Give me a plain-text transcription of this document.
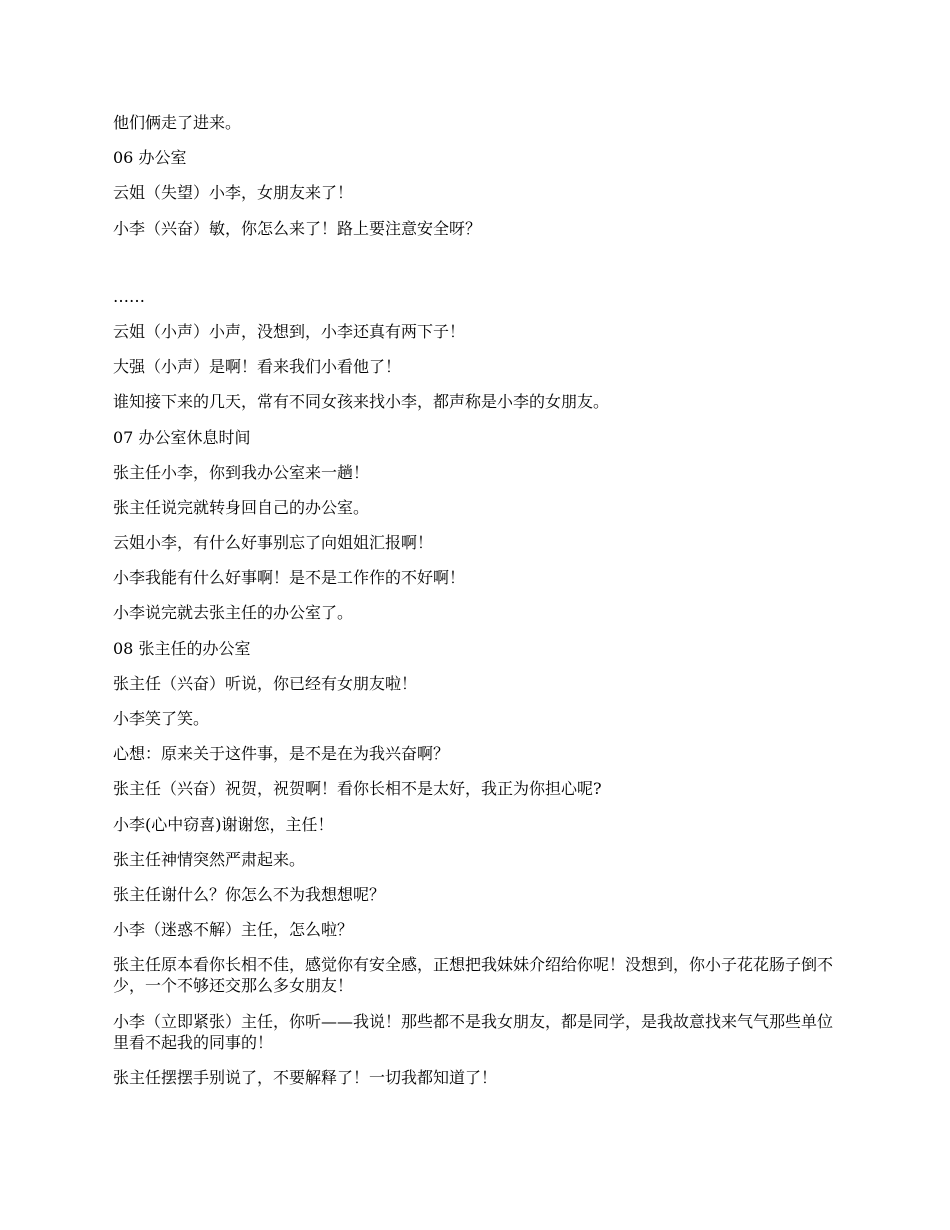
他们俩走了进来。

06 办公室

云姐（失望）小李，女朋友来了！

小李（兴奋）敏，你怎么来了！路上要注意安全呀？

……

云姐（小声）小声，没想到，小李还真有两下子！

大强（小声）是啊！看来我们小看他了！

谁知接下来的几天，常有不同女孩来找小李，都声称是小李的女朋友。

07 办公室休息时间

张主任小李，你到我办公室来一趟！

张主任说完就转身回自己的办公室。

云姐小李，有什么好事别忘了向姐姐汇报啊！

小李我能有什么好事啊！是不是工作作的不好啊！

小李说完就去张主任的办公室了。

08 张主任的办公室

张主任（兴奋）听说，你已经有女朋友啦！

小李笑了笑。

心想：原来关于这件事，是不是在为我兴奋啊？

张主任（兴奋）祝贺，祝贺啊！看你长相不是太好，我正为你担心呢?

小李(心中窃喜)谢谢您，主任！

张主任神情突然严肃起来。

张主任谢什么？你怎么不为我想想呢？

小李（迷惑不解）主任，怎么啦？

张主任原本看你长相不佳，感觉你有安全感，正想把我妹妹介绍给你呢！没想到，你小子花花肠子倒不少，一个不够还交那么多女朋友！

小李（立即紧张）主任，你听——我说！那些都不是我女朋友，都是同学，是我故意找来气气那些单位里看不起我的同事的！

张主任摆摆手别说了，不要解释了！一切我都知道了！
